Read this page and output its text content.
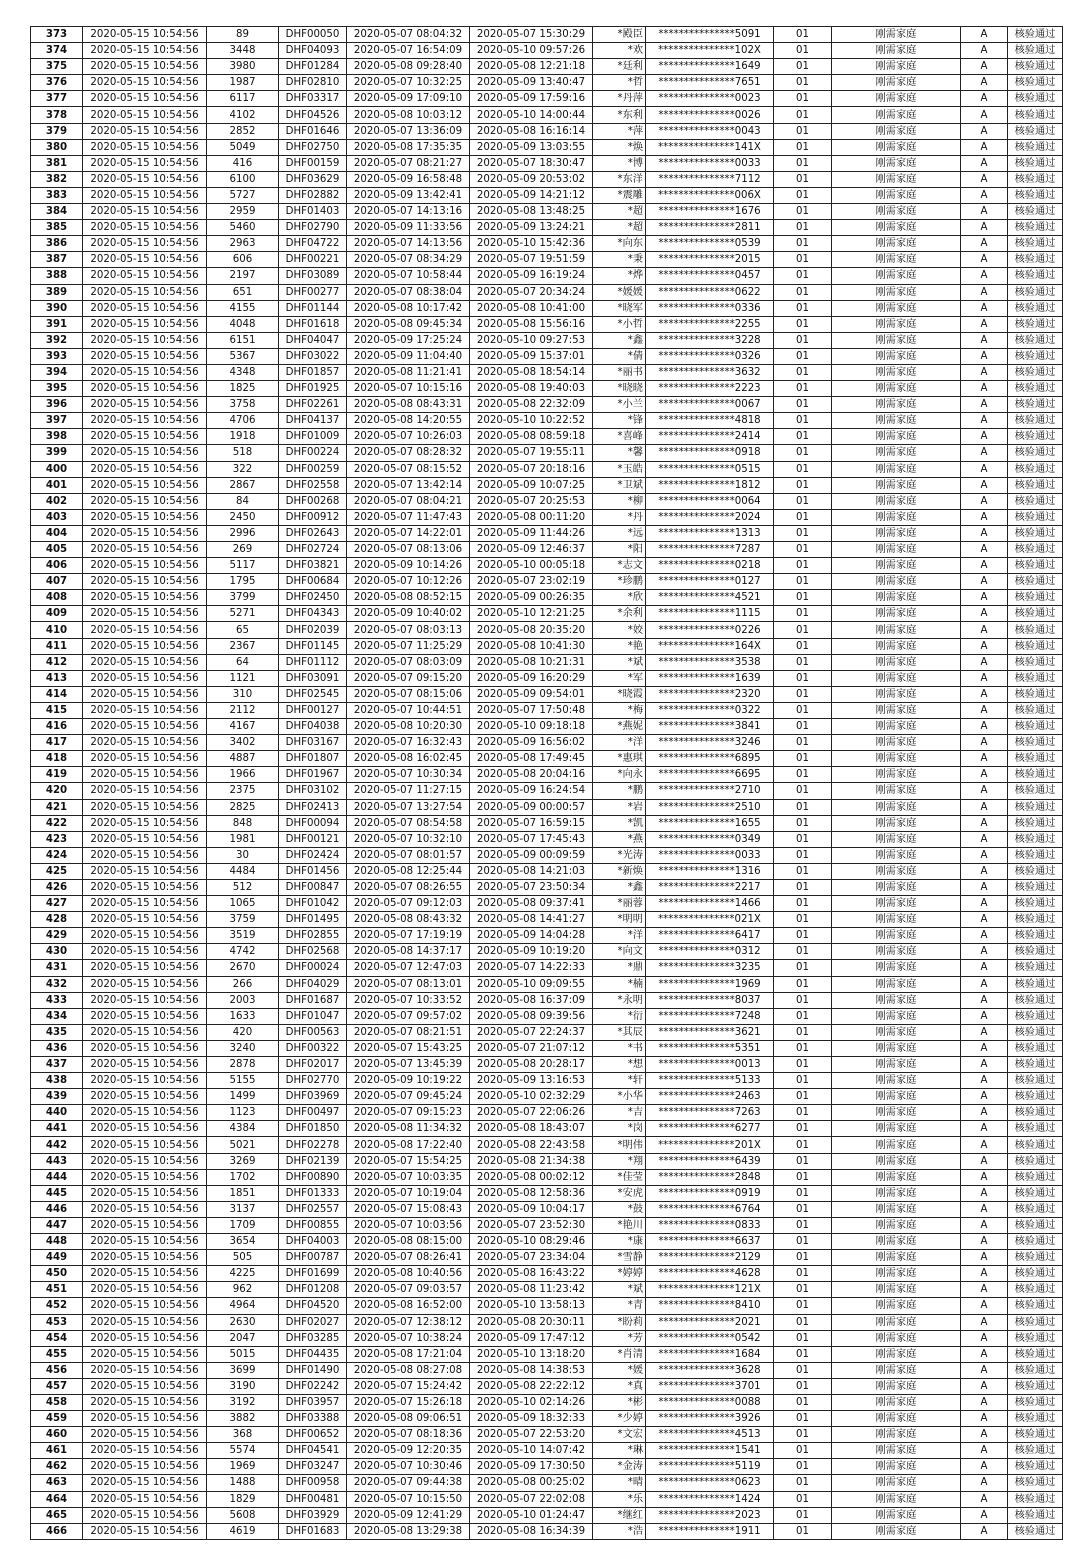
373	2020-05-15 10:54:56	89	DHF00050	2020-05-07 08:04:32	2020-05-07 15:30:29	*殿臣	***************5091	01	刚需家庭	A	核验通过
374	2020-05-15 10:54:56	3448	DHF04093	2020-05-07 16:54:09	2020-05-10 09:57:26	*欢	***************102X	01	刚需家庭	A	核验通过
375	2020-05-15 10:54:56	3980	DHF01284	2020-05-08 09:28:40	2020-05-08 12:21:18	*廷利	***************1649	01	刚需家庭	A	核验通过
376	2020-05-15 10:54:56	1987	DHF02810	2020-05-07 10:32:25	2020-05-09 13:40:47	*哲	***************7651	01	刚需家庭	A	核验通过
377	2020-05-15 10:54:56	6117	DHF03317	2020-05-09 17:09:10	2020-05-09 17:59:16	*丹萍	***************0023	01	刚需家庭	A	核验通过
378	2020-05-15 10:54:56	4102	DHF04526	2020-05-08 10:03:12	2020-05-10 14:00:44	*东利	***************0026	01	刚需家庭	A	核验通过
379	2020-05-15 10:54:56	2852	DHF01646	2020-05-07 13:36:09	2020-05-08 16:16:14	*萍	***************0043	01	刚需家庭	A	核验通过
380	2020-05-15 10:54:56	5049	DHF02750	2020-05-08 17:35:35	2020-05-09 13:03:55	*焕	***************141X	01	刚需家庭	A	核验通过
381	2020-05-15 10:54:56	416	DHF00159	2020-05-07 08:21:27	2020-05-07 18:30:47	*博	***************0033	01	刚需家庭	A	核验通过
382	2020-05-15 10:54:56	6100	DHF03629	2020-05-09 16:58:48	2020-05-09 20:53:02	*东洋	***************7112	01	刚需家庭	A	核验通过
383	2020-05-15 10:54:56	5727	DHF02882	2020-05-09 13:42:41	2020-05-09 14:21:12	*震雕	***************006X	01	刚需家庭	A	核验通过
384	2020-05-15 10:54:56	2959	DHF01403	2020-05-07 14:13:16	2020-05-08 13:48:25	*超	***************1676	01	刚需家庭	A	核验通过
385	2020-05-15 10:54:56	5460	DHF02790	2020-05-09 11:33:56	2020-05-09 13:24:21	*超	***************2811	01	刚需家庭	A	核验通过
386	2020-05-15 10:54:56	2963	DHF04722	2020-05-07 14:13:56	2020-05-10 15:42:36	*向东	***************0539	01	刚需家庭	A	核验通过
387	2020-05-15 10:54:56	606	DHF00221	2020-05-07 08:34:29	2020-05-07 19:51:59	*秉	***************2015	01	刚需家庭	A	核验通过
388	2020-05-15 10:54:56	2197	DHF03089	2020-05-07 10:58:44	2020-05-09 16:19:24	*烨	***************0457	01	刚需家庭	A	核验通过
389	2020-05-15 10:54:56	651	DHF00277	2020-05-07 08:38:04	2020-05-07 20:34:24	*媛媛	***************0622	01	刚需家庭	A	核验通过
390	2020-05-15 10:54:56	4155	DHF01144	2020-05-08 10:17:42	2020-05-08 10:41:00	*晓军	***************0336	01	刚需家庭	A	核验通过
391	2020-05-15 10:54:56	4048	DHF01618	2020-05-08 09:45:34	2020-05-08 15:56:16	*小哲	***************2255	01	刚需家庭	A	核验通过
392	2020-05-15 10:54:56	6151	DHF04047	2020-05-09 17:25:24	2020-05-10 09:27:53	*鑫	***************3228	01	刚需家庭	A	核验通过
393	2020-05-15 10:54:56	5367	DHF03022	2020-05-09 11:04:40	2020-05-09 15:37:01	*倩	***************0326	01	刚需家庭	A	核验通过
394	2020-05-15 10:54:56	4348	DHF01857	2020-05-08 11:21:41	2020-05-08 18:54:14	*丽书	***************3632	01	刚需家庭	A	核验通过
395	2020-05-15 10:54:56	1825	DHF01925	2020-05-07 10:15:16	2020-05-08 19:40:03	*晓晓	***************2223	01	刚需家庭	A	核验通过
396	2020-05-15 10:54:56	3758	DHF02261	2020-05-08 08:43:31	2020-05-08 22:32:09	*小兰	***************0067	01	刚需家庭	A	核验通过
397	2020-05-15 10:54:56	4706	DHF04137	2020-05-08 14:20:55	2020-05-10 10:22:52	*锋	***************4818	01	刚需家庭	A	核验通过
398	2020-05-15 10:54:56	1918	DHF01009	2020-05-07 10:26:03	2020-05-08 08:59:18	*喜峰	***************2414	01	刚需家庭	A	核验通过
399	2020-05-15 10:54:56	518	DHF00224	2020-05-07 08:28:32	2020-05-07 19:55:11	*馨	***************0918	01	刚需家庭	A	核验通过
400	2020-05-15 10:54:56	322	DHF00259	2020-05-07 08:15:52	2020-05-07 20:18:16	*玉皓	***************0515	01	刚需家庭	A	核验通过
401	2020-05-15 10:54:56	2867	DHF02558	2020-05-07 13:42:14	2020-05-09 10:07:25	*卫斌	***************1812	01	刚需家庭	A	核验通过
402	2020-05-15 10:54:56	84	DHF00268	2020-05-07 08:04:21	2020-05-07 20:25:53	*柳	***************0064	01	刚需家庭	A	核验通过
403	2020-05-15 10:54:56	2450	DHF00912	2020-05-07 11:47:43	2020-05-08 00:11:20	*丹	***************2024	01	刚需家庭	A	核验通过
404	2020-05-15 10:54:56	2996	DHF02643	2020-05-07 14:22:01	2020-05-09 11:44:26	*远	***************1313	01	刚需家庭	A	核验通过
405	2020-05-15 10:54:56	269	DHF02724	2020-05-07 08:13:06	2020-05-09 12:46:37	*阳	***************7287	01	刚需家庭	A	核验通过
406	2020-05-15 10:54:56	5117	DHF03821	2020-05-09 10:14:26	2020-05-10 00:05:18	*志文	***************0218	01	刚需家庭	A	核验通过
407	2020-05-15 10:54:56	1795	DHF00684	2020-05-07 10:12:26	2020-05-07 23:02:19	*珍鹏	***************0127	01	刚需家庭	A	核验通过
408	2020-05-15 10:54:56	3799	DHF02450	2020-05-08 08:52:15	2020-05-09 00:26:35	*欣	***************4521	01	刚需家庭	A	核验通过
409	2020-05-15 10:54:56	5271	DHF04343	2020-05-09 10:40:02	2020-05-10 12:21:25	*余利	***************1115	01	刚需家庭	A	核验通过
410	2020-05-15 10:54:56	65	DHF02039	2020-05-07 08:03:13	2020-05-08 20:35:20	*姣	***************0226	01	刚需家庭	A	核验通过
411	2020-05-15 10:54:56	2367	DHF01145	2020-05-07 11:25:29	2020-05-08 10:41:30	*艳	***************164X	01	刚需家庭	A	核验通过
412	2020-05-15 10:54:56	64	DHF01112	2020-05-07 08:03:09	2020-05-08 10:21:31	*斌	***************3538	01	刚需家庭	A	核验通过
413	2020-05-15 10:54:56	1121	DHF03091	2020-05-07 09:15:20	2020-05-09 16:20:29	*军	***************1639	01	刚需家庭	A	核验通过
414	2020-05-15 10:54:56	310	DHF02545	2020-05-07 08:15:06	2020-05-09 09:54:01	*晓霞	***************2320	01	刚需家庭	A	核验通过
415	2020-05-15 10:54:56	2112	DHF00127	2020-05-07 10:44:51	2020-05-07 17:50:48	*梅	***************0322	01	刚需家庭	A	核验通过
416	2020-05-15 10:54:56	4167	DHF04038	2020-05-08 10:20:30	2020-05-10 09:18:18	*燕妮	***************3841	01	刚需家庭	A	核验通过
417	2020-05-15 10:54:56	3402	DHF03167	2020-05-07 16:32:43	2020-05-09 16:56:02	*洋	***************3246	01	刚需家庭	A	核验通过
418	2020-05-15 10:54:56	4887	DHF01807	2020-05-08 16:02:45	2020-05-08 17:49:45	*惠琪	***************6895	01	刚需家庭	A	核验通过
419	2020-05-15 10:54:56	1966	DHF01967	2020-05-07 10:30:34	2020-05-08 20:04:16	*向永	***************6695	01	刚需家庭	A	核验通过
420	2020-05-15 10:54:56	2375	DHF03102	2020-05-07 11:27:15	2020-05-09 16:24:54	*鹏	***************2710	01	刚需家庭	A	核验通过
421	2020-05-15 10:54:56	2825	DHF02413	2020-05-07 13:27:54	2020-05-09 00:00:57	*岩	***************2510	01	刚需家庭	A	核验通过
422	2020-05-15 10:54:56	848	DHF00094	2020-05-07 08:54:58	2020-05-07 16:59:15	*凯	***************1655	01	刚需家庭	A	核验通过
423	2020-05-15 10:54:56	1981	DHF00121	2020-05-07 10:32:10	2020-05-07 17:45:43	*燕	***************0349	01	刚需家庭	A	核验通过
424	2020-05-15 10:54:56	30	DHF02424	2020-05-07 08:01:57	2020-05-09 00:09:59	*光涛	***************0033	01	刚需家庭	A	核验通过
425	2020-05-15 10:54:56	4484	DHF01456	2020-05-08 12:25:44	2020-05-08 14:21:03	*新焕	***************1316	01	刚需家庭	A	核验通过
426	2020-05-15 10:54:56	512	DHF00847	2020-05-07 08:26:55	2020-05-07 23:50:34	*鑫	***************2217	01	刚需家庭	A	核验通过
427	2020-05-15 10:54:56	1065	DHF01042	2020-05-07 09:12:03	2020-05-08 09:37:41	*丽蓉	***************1466	01	刚需家庭	A	核验通过
428	2020-05-15 10:54:56	3759	DHF01495	2020-05-08 08:43:32	2020-05-08 14:41:27	*明明	***************021X	01	刚需家庭	A	核验通过
429	2020-05-15 10:54:56	3519	DHF02855	2020-05-07 17:19:19	2020-05-09 14:04:28	*洋	***************6417	01	刚需家庭	A	核验通过
430	2020-05-15 10:54:56	4742	DHF02568	2020-05-08 14:37:17	2020-05-09 10:19:20	*向文	***************0312	01	刚需家庭	A	核验通过
431	2020-05-15 10:54:56	2670	DHF00024	2020-05-07 12:47:03	2020-05-07 14:22:33	*鼎	***************3235	01	刚需家庭	A	核验通过
432	2020-05-15 10:54:56	266	DHF04029	2020-05-07 08:13:01	2020-05-10 09:09:55	*楠	***************1969	01	刚需家庭	A	核验通过
433	2020-05-15 10:54:56	2003	DHF01687	2020-05-07 10:33:52	2020-05-08 16:37:09	*永明	***************8037	01	刚需家庭	A	核验通过
434	2020-05-15 10:54:56	1633	DHF01047	2020-05-07 09:57:02	2020-05-08 09:39:56	*衍	***************7248	01	刚需家庭	A	核验通过
435	2020-05-15 10:54:56	420	DHF00563	2020-05-07 08:21:51	2020-05-07 22:24:37	*其辰	***************3621	01	刚需家庭	A	核验通过
436	2020-05-15 10:54:56	3240	DHF00322	2020-05-07 15:43:25	2020-05-07 21:07:12	*书	***************5351	01	刚需家庭	A	核验通过
437	2020-05-15 10:54:56	2878	DHF02017	2020-05-07 13:45:39	2020-05-08 20:28:17	*想	***************0013	01	刚需家庭	A	核验通过
438	2020-05-15 10:54:56	5155	DHF02770	2020-05-09 10:19:22	2020-05-09 13:16:53	*轩	***************5133	01	刚需家庭	A	核验通过
439	2020-05-15 10:54:56	1499	DHF03969	2020-05-07 09:45:24	2020-05-10 02:32:29	*小华	***************2463	01	刚需家庭	A	核验通过
440	2020-05-15 10:54:56	1123	DHF00497	2020-05-07 09:15:23	2020-05-07 22:06:26	*吉	***************7263	01	刚需家庭	A	核验通过
441	2020-05-15 10:54:56	4384	DHF01850	2020-05-08 11:34:32	2020-05-08 18:43:07	*岗	***************6277	01	刚需家庭	A	核验通过
442	2020-05-15 10:54:56	5021	DHF02278	2020-05-08 17:22:40	2020-05-08 22:43:58	*明伟	***************201X	01	刚需家庭	A	核验通过
443	2020-05-15 10:54:56	3269	DHF02139	2020-05-07 15:54:25	2020-05-08 21:34:38	*翔	***************6439	01	刚需家庭	A	核验通过
444	2020-05-15 10:54:56	1702	DHF00890	2020-05-07 10:03:35	2020-05-08 00:02:12	*佳莹	***************2848	01	刚需家庭	A	核验通过
445	2020-05-15 10:54:56	1851	DHF01333	2020-05-07 10:19:04	2020-05-08 12:58:36	*安虎	***************0919	01	刚需家庭	A	核验通过
446	2020-05-15 10:54:56	3137	DHF02557	2020-05-07 15:08:43	2020-05-09 10:04:17	*鼓	***************6764	01	刚需家庭	A	核验通过
447	2020-05-15 10:54:56	1709	DHF00855	2020-05-07 10:03:56	2020-05-07 23:52:30	*艳川	***************0833	01	刚需家庭	A	核验通过
448	2020-05-15 10:54:56	3654	DHF04003	2020-05-08 08:15:00	2020-05-10 08:29:46	*康	***************6637	01	刚需家庭	A	核验通过
449	2020-05-15 10:54:56	505	DHF00787	2020-05-07 08:26:41	2020-05-07 23:34:04	*雪静	***************2129	01	刚需家庭	A	核验通过
450	2020-05-15 10:54:56	4225	DHF01699	2020-05-08 10:40:56	2020-05-08 16:43:22	*婷婷	***************4628	01	刚需家庭	A	核验通过
451	2020-05-15 10:54:56	962	DHF01208	2020-05-07 09:03:57	2020-05-08 11:23:42	*斌	***************121X	01	刚需家庭	A	核验通过
452	2020-05-15 10:54:56	4964	DHF04520	2020-05-08 16:52:00	2020-05-10 13:58:13	*青	***************8410	01	刚需家庭	A	核验通过
453	2020-05-15 10:54:56	2630	DHF02027	2020-05-07 12:38:12	2020-05-08 20:30:11	*盼莉	***************2021	01	刚需家庭	A	核验通过
454	2020-05-15 10:54:56	2047	DHF03285	2020-05-07 10:38:24	2020-05-09 17:47:12	*芳	***************0542	01	刚需家庭	A	核验通过
455	2020-05-15 10:54:56	5015	DHF04435	2020-05-08 17:21:04	2020-05-10 13:18:20	*肖清	***************1684	01	刚需家庭	A	核验通过
456	2020-05-15 10:54:56	3699	DHF01490	2020-05-08 08:27:08	2020-05-08 14:38:53	*媛	***************3628	01	刚需家庭	A	核验通过
457	2020-05-15 10:54:56	3190	DHF02242	2020-05-07 15:24:42	2020-05-08 22:22:12	*真	***************3701	01	刚需家庭	A	核验通过
458	2020-05-15 10:54:56	3192	DHF03957	2020-05-07 15:26:18	2020-05-10 02:14:26	*彬	***************0088	01	刚需家庭	A	核验通过
459	2020-05-15 10:54:56	3882	DHF03388	2020-05-08 09:06:51	2020-05-09 18:32:33	*少婷	***************3926	01	刚需家庭	A	核验通过
460	2020-05-15 10:54:56	368	DHF00652	2020-05-07 08:18:36	2020-05-07 22:53:20	*文宏	***************4513	01	刚需家庭	A	核验通过
461	2020-05-15 10:54:56	5574	DHF04541	2020-05-09 12:20:35	2020-05-10 14:07:42	*琳	***************1541	01	刚需家庭	A	核验通过
462	2020-05-15 10:54:56	1969	DHF03247	2020-05-07 10:30:46	2020-05-09 17:30:50	*金涛	***************5119	01	刚需家庭	A	核验通过
463	2020-05-15 10:54:56	1488	DHF00958	2020-05-07 09:44:38	2020-05-08 00:25:02	*晴	***************0623	01	刚需家庭	A	核验通过
464	2020-05-15 10:54:56	1829	DHF00481	2020-05-07 10:15:50	2020-05-07 22:02:08	*乐	***************1424	01	刚需家庭	A	核验通过
465	2020-05-15 10:54:56	5608	DHF03929	2020-05-09 12:41:29	2020-05-10 01:24:47	*继红	***************2023	01	刚需家庭	A	核验通过
466	2020-05-15 10:54:56	4619	DHF01683	2020-05-08 13:29:38	2020-05-08 16:34:39	*浩	***************1911	01	刚需家庭	A	核验通过
